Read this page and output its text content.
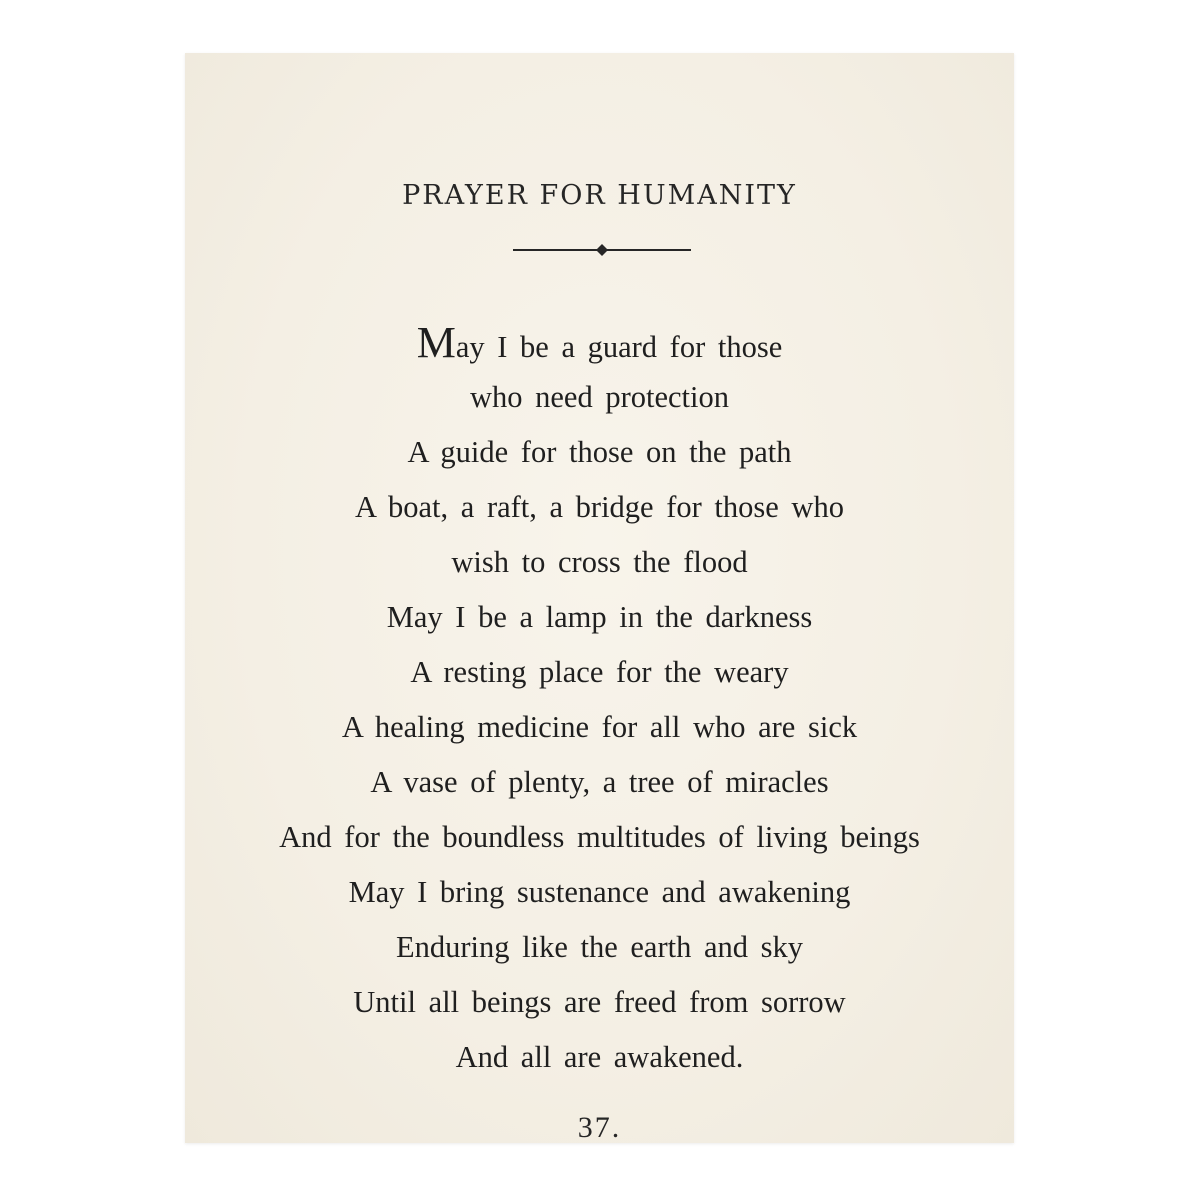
PRAYER FOR HUMANITY
May I be a guard for those
who need protection
A guide for those on the path
A boat, a raft, a bridge for those who
wish to cross the flood
May I be a lamp in the darkness
A resting place for the weary
A healing medicine for all who are sick
A vase of plenty, a tree of miracles
And for the boundless multitudes of living beings
May I bring sustenance and awakening
Enduring like the earth and sky
Until all beings are freed from sorrow
And all are awakened.
37.
